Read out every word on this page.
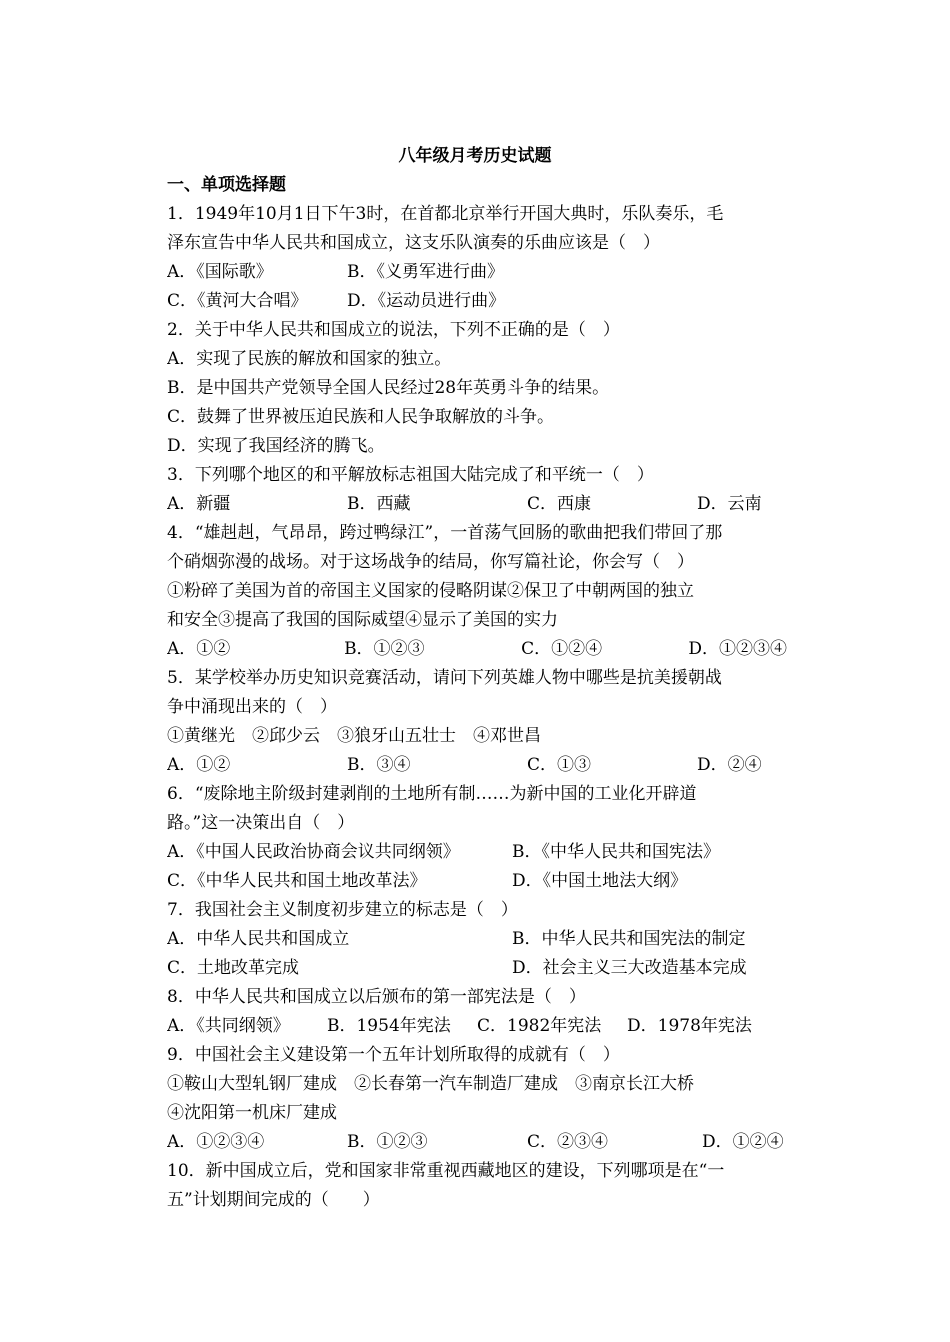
八年级月考历史试题
一、单项选择题
1．1949年10月1日下午3时，在首都北京举行开国大典时，乐队奏乐，毛
泽东宣告中华人民共和国成立，这支乐队演奏的乐曲应该是（　）
A．《国际歌》	B．《义勇军进行曲》
C．《黄河大合唱》	D．《运动员进行曲》
2．关于中华人民共和国成立的说法，下列不正确的是（　）
A．实现了民族的解放和国家的独立。
B．是中国共产党领导全国人民经过28年英勇斗争的结果。
C．鼓舞了世界被压迫民族和人民争取解放的斗争。
D．实现了我国经济的腾飞。
3．下列哪个地区的和平解放标志祖国大陆完成了和平统一（　）
A．新疆	B．西藏	C．西康	D．云南
4．“雄赳赳，气昂昂，跨过鸭绿江”，一首荡气回肠的歌曲把我们带回了那
个硝烟弥漫的战场。对于这场战争的结局，你写篇社论，你会写（　）
①粉碎了美国为首的帝国主义国家的侵略阴谋②保卫了中朝两国的独立
和安全③提高了我国的国际威望④显示了美国的实力
A．①②	B．①②③	C．①②④	D．①②③④
5．某学校举办历史知识竞赛活动，请问下列英雄人物中哪些是抗美援朝战
争中涌现出来的（　）
①黄继光　②邱少云　③狼牙山五壮士　④邓世昌
A．①②	B．③④	C．①③	D．②④
6．“废除地主阶级封建剥削的土地所有制……为新中国的工业化开辟道
路。”这一决策出自（　）
A．《中国人民政治协商会议共同纲领》	B．《中华人民共和国宪法》
C．《中华人民共和国土地改革法》	D．《中国土地法大纲》
7．我国社会主义制度初步建立的标志是（　）
A．中华人民共和国成立	B．中华人民共和国宪法的制定
C．土地改革完成	D．社会主义三大改造基本完成
8．中华人民共和国成立以后颁布的第一部宪法是（　）
A．《共同纲领》	B．1954年宪法	C．1982年宪法	D．1978年宪法
9．中国社会主义建设第一个五年计划所取得的成就有（　）
①鞍山大型轧钢厂建成　②长春第一汽车制造厂建成　③南京长江大桥
④沈阳第一机床厂建成
A．①②③④	B．①②③	C．②③④	D．①②④
10．新中国成立后，党和国家非常重视西藏地区的建设，下列哪项是在“一
五”计划期间完成的（　　）
